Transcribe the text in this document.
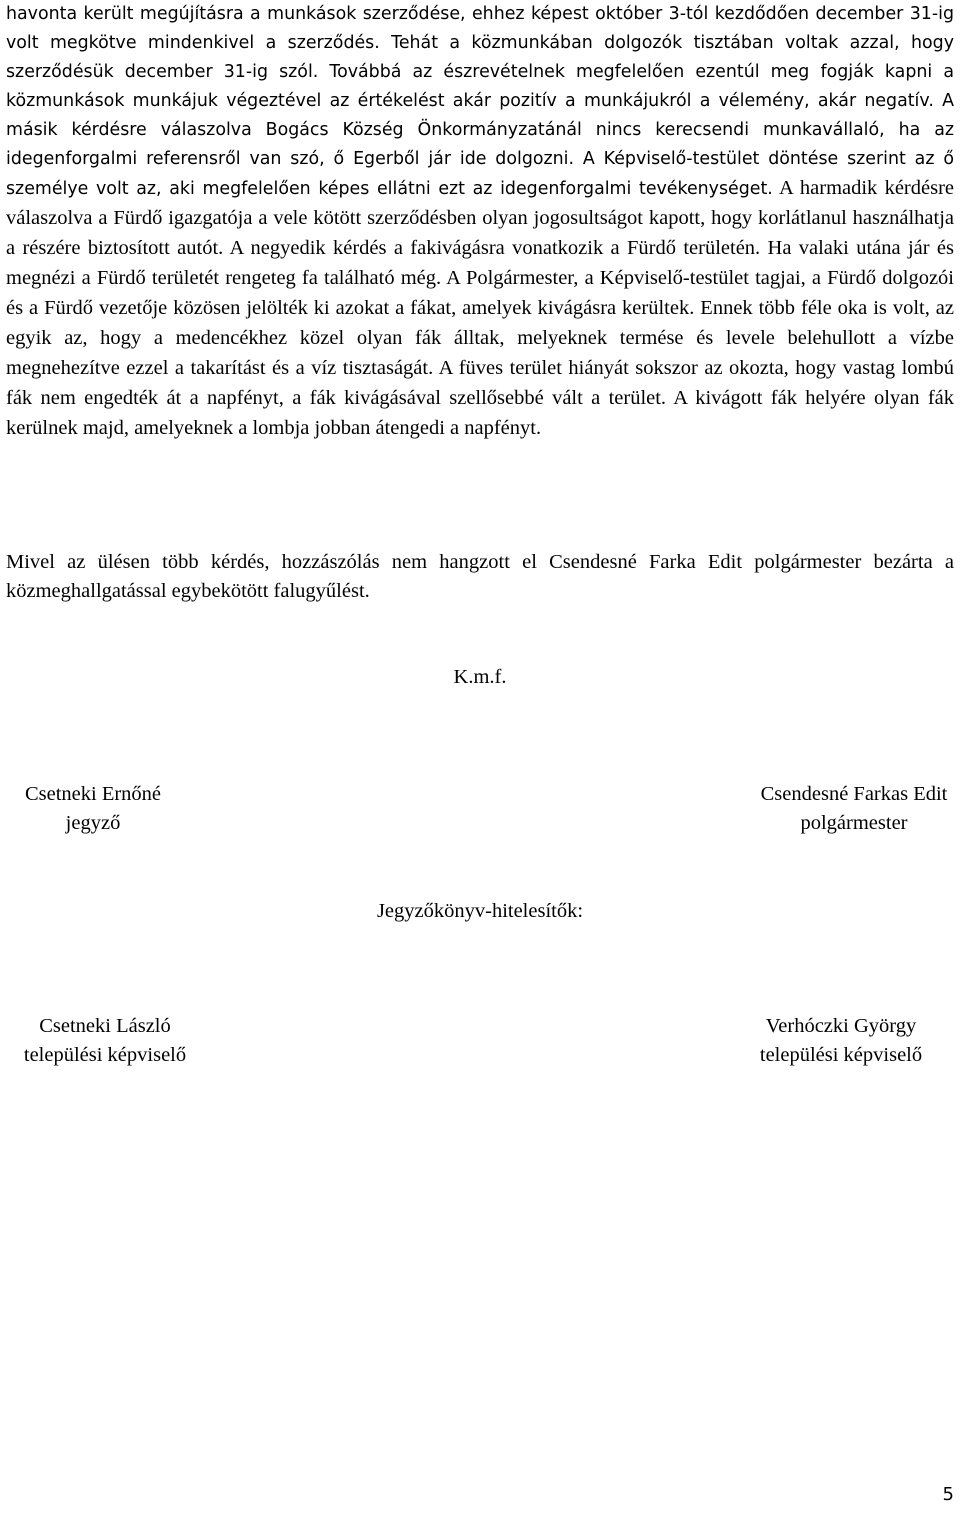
havonta került megújításra a munkások szerződése, ehhez képest október 3-tól kezdődően december 31-ig volt megkötve mindenkivel a szerződés. Tehát a közmunkában dolgozók tisztában voltak azzal, hogy szerződésük december 31-ig szól. Továbbá az észrevételnek megfelelően ezentúl meg fogják kapni a közmunkások munkájuk végeztével az értékelést akár pozitív a munkájukról a vélemény, akár negatív. A másik kérdésre válaszolva Bogács Község Önkormányzatánál nincs kerecsendi munkavállaló, ha az idegenforgalmi referensről van szó, ő Egerből jár ide dolgozni. A Képviselő-testület döntése szerint az ő személye volt az, aki megfelelően képes ellátni ezt az idegenforgalmi tevékenységet. A harmadik kérdésre válaszolva a Fürdő igazgatója a vele kötött szerződésben olyan jogosultságot kapott, hogy korlátlanul használhatja a részére biztosított autót. A negyedik kérdés a fakivágásra vonatkozik a Fürdő területén. Ha valaki utána jár és megnézi a Fürdő területét rengeteg fa található még. A Polgármester, a Képviselő-testület tagjai, a Fürdő dolgozói és a Fürdő vezetője közösen jelölték ki azokat a fákat, amelyek kivágásra kerültek. Ennek több féle oka is volt, az egyik az, hogy a medencékhez közel olyan fák álltak, melyeknek termése és levele belehullott a vízbe megnehezítve ezzel a takarítást és a víz tisztaságát. A füves terület hiányát sokszor az okozta, hogy vastag lombú fák nem engedték át a napfényt, a fák kivágásával szellősebbé vált a terület. A kivágott fák helyére olyan fák kerülnek majd, amelyeknek a lombja jobban átengedi a napfényt.

Mivel az ülésen több kérdés, hozzászólás nem hangzott el Csendesné Farka Edit polgármester bezárta a közmeghallgatással egybekötött falugyűlést.

K.m.f.
Csetneki Ernőné
jegyző
Csendesné Farkas Edit
polgármester
Jegyzőkönyv-hitelesítők:
Csetneki László
települési képviselő
Verhóczki György
települési képviselő
5
